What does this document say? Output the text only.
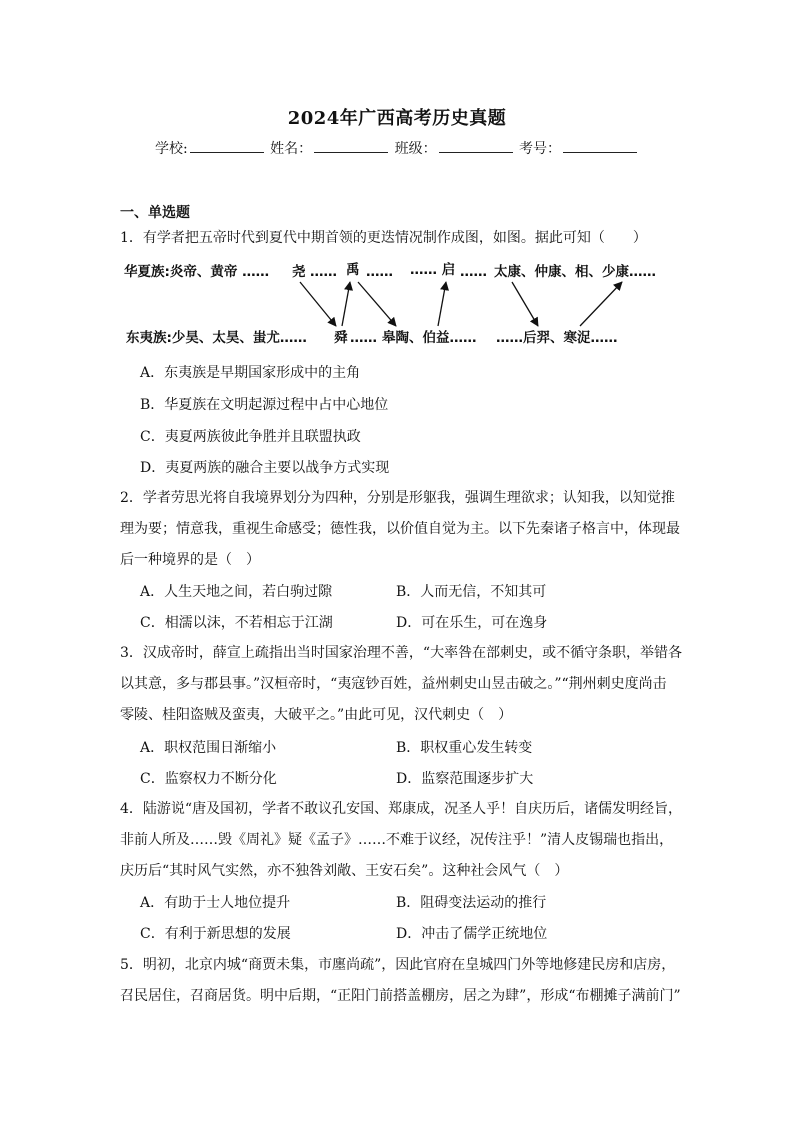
2024年广西高考历史真题
学校:	姓名：	班级：	考号：
一、单选题
1．有学者把五帝时代到夏代中期首领的更迭情况制作成图，如图。据此可知（　　）
华夏族:炎帝、黄帝 …… 尧 …… 禹 …… …… 启 …… 太康、仲康、相、少康……
东夷族:少昊、太昊、蚩尤…… 舜 …… 皋陶、伯益…… ……后羿、寒浞……
A．东夷族是早期国家形成中的主角
B．华夏族在文明起源过程中占中心地位
C．夷夏两族彼此争胜并且联盟执政
D．夷夏两族的融合主要以战争方式实现
2．学者劳思光将自我境界划分为四种，分别是形躯我，强调生理欲求；认知我，以知觉推
理为要；情意我，重视生命感受；德性我，以价值自觉为主。以下先秦诸子格言中，体现最
后一种境界的是（　）
A．人生天地之间，若白驹过隙	B．人而无信，不知其可
C．相濡以沫，不若相忘于江湖	D．可在乐生，可在逸身
3．汉成帝时，薛宣上疏指出当时国家治理不善，“大率咎在部刺史，或不循守条职，举错各
以其意，多与郡县事。”汉桓帝时，“夷寇钞百姓，益州刺史山昱击破之。”“荆州刺史度尚击
零陵、桂阳盗贼及蛮夷，大破平之。”由此可见，汉代刺史（　）
A．职权范围日渐缩小	B．职权重心发生转变
C．监察权力不断分化	D．监察范围逐步扩大
4．陆游说“唐及国初，学者不敢议孔安国、郑康成，况圣人乎！自庆历后，诸儒发明经旨，
非前人所及……毁《周礼》疑《孟子》……不难于议经，况传注乎！”清人皮锡瑞也指出，
庆历后“其时风气实然，亦不独咎刘敞、王安石矣”。这种社会风气（　）
A．有助于士人地位提升	B．阻碍变法运动的推行
C．有利于新思想的发展	D．冲击了儒学正统地位
5．明初，北京内城“商贾未集，市廛尚疏”，因此官府在皇城四门外等地修建民房和店房，
召民居住，召商居货。明中后期，“正阳门前搭盖棚房，居之为肆”，形成“布棚摊子满前门”
